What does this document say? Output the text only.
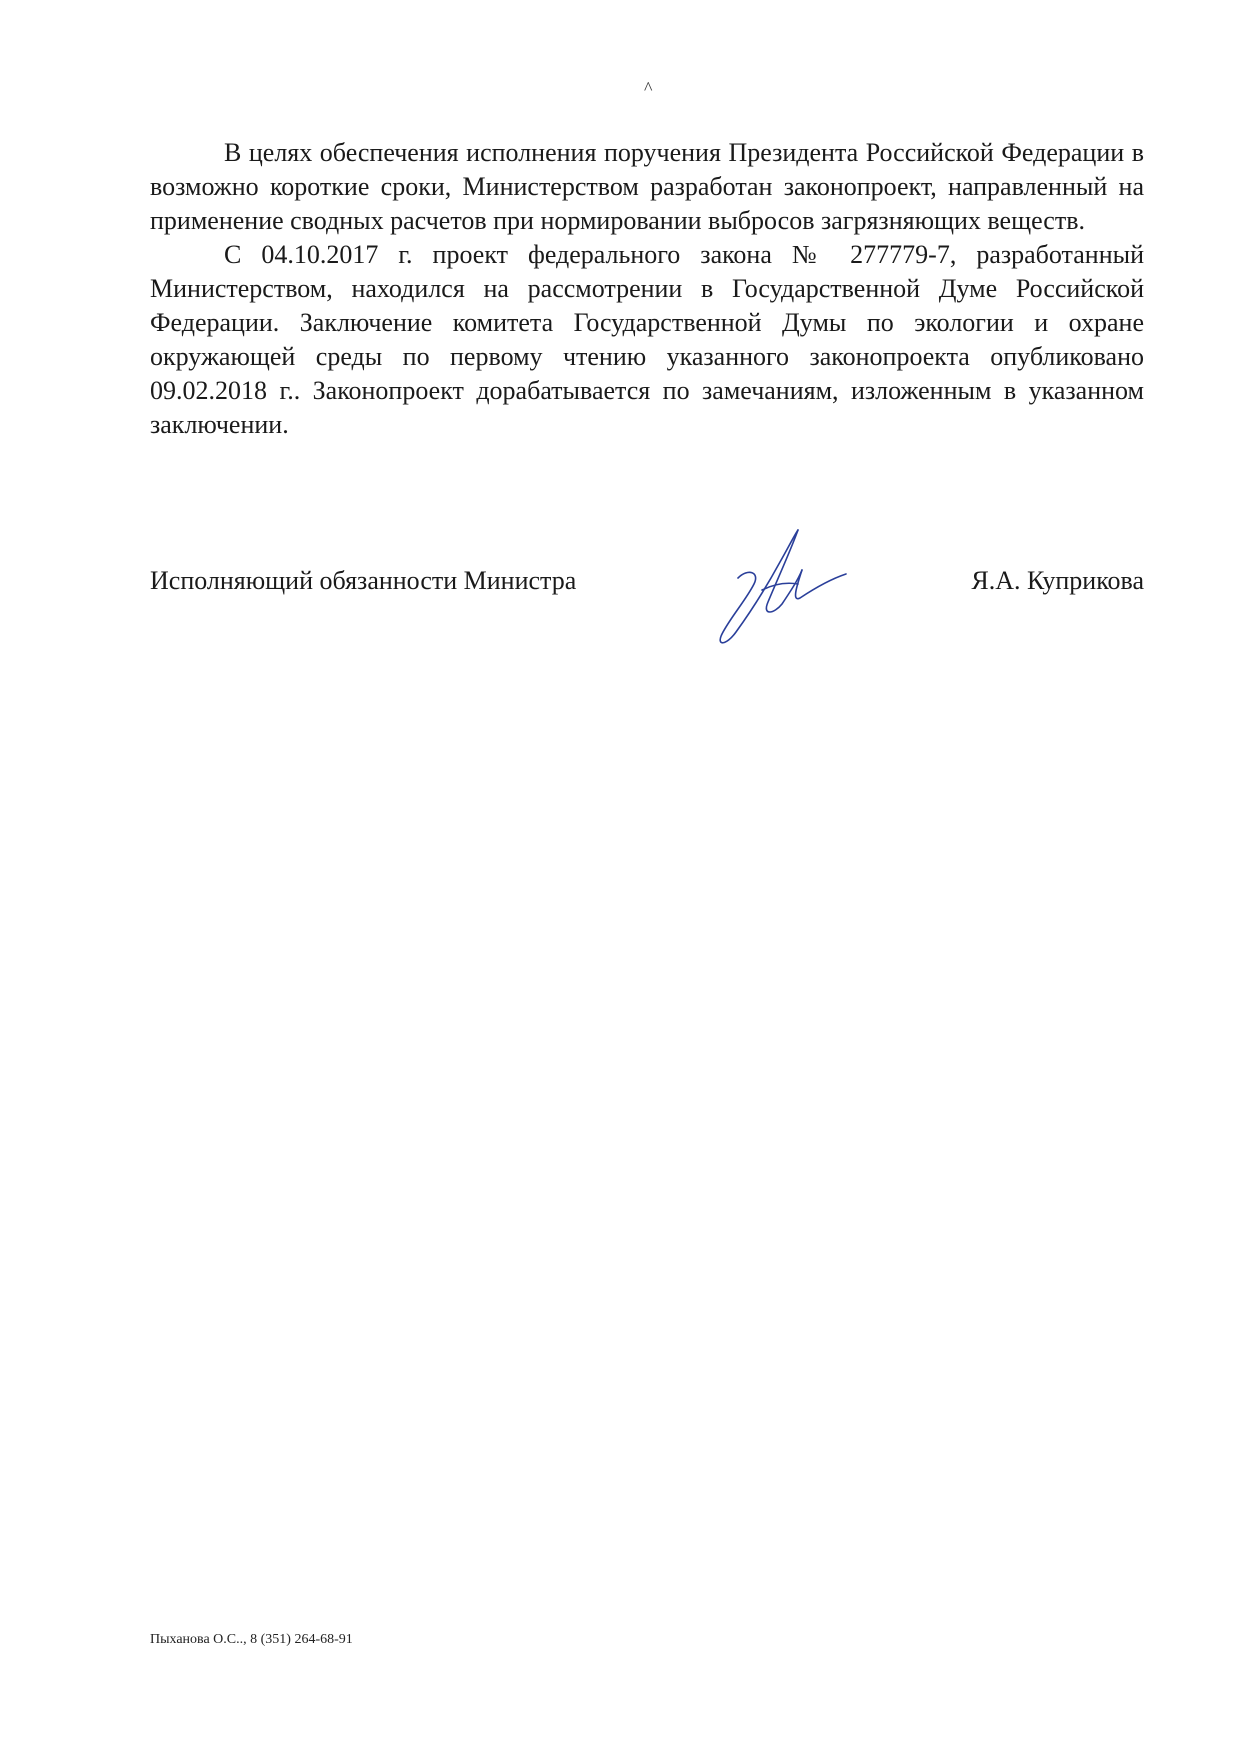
^

В целях обеспечения исполнения поручения Президента Российской Федерации в возможно короткие сроки, Министерством разработан законопроект, направленный на применение сводных расчетов при нормировании выбросов загрязняющих веществ.

С 04.10.2017 г. проект федерального закона № 277779-7, разработанный Министерством, находился на рассмотрении в Государственной Думе Российской Федерации. Заключение комитета Государственной Думы по экологии и охране окружающей среды по первому чтению указанного законопроекта опубликовано 09.02.2018 г.. Законопроект дорабатывается по замечаниям, изложенным в указанном заключении.

Исполняющий обязанности Министра	Я.А. Куприкова
Пыханова О.С.., 8 (351) 264-68-91
